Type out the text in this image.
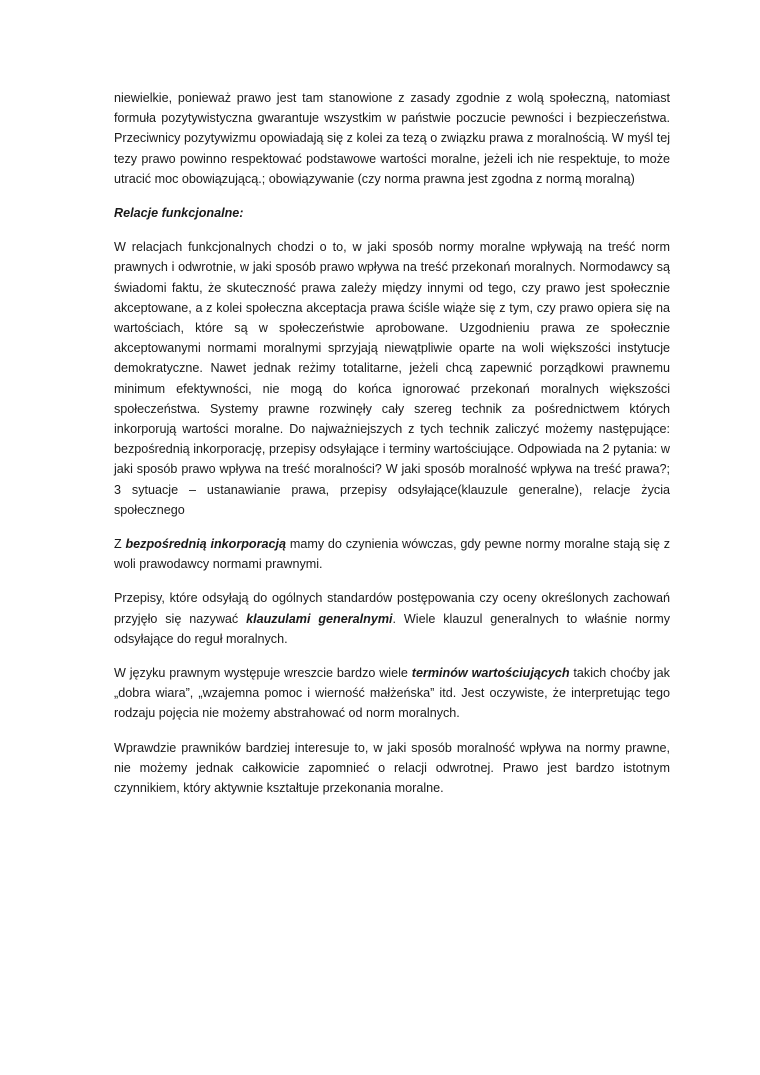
niewielkie, ponieważ prawo jest tam stanowione z zasady zgodnie z wolą społeczną, natomiast formuła pozytywistyczna gwarantuje wszystkim w państwie poczucie pewności i bezpieczeństwa. Przeciwnicy pozytywizmu opowiadają się z kolei za tezą o związku prawa z moralnością. W myśl tej tezy prawo powinno respektować podstawowe wartości moralne, jeżeli ich nie respektuje, to może utracić moc obowiązującą.; obowiązywanie (czy norma prawna jest zgodna z normą moralną)

Relacje funkcjonalne:

W relacjach funkcjonalnych chodzi o to, w jaki sposób normy moralne wpływają na treść norm prawnych i odwrotnie, w jaki sposób prawo wpływa na treść przekonań moralnych. Normodawcy są świadomi faktu, że skuteczność prawa zależy między innymi od tego, czy prawo jest społecznie akceptowane, a z kolei społeczna akceptacja prawa ściśle wiąże się z tym, czy prawo opiera się na wartościach, które są w społeczeństwie aprobowane. Uzgodnieniu prawa ze społecznie akceptowanymi normami moralnymi sprzyjają niewątpliwie oparte na woli większości instytucje demokratyczne. Nawet jednak reżimy totalitarne, jeżeli chcą zapewnić porządkowi prawnemu minimum efektywności, nie mogą do końca ignorować przekonań moralnych większości społeczeństwa. Systemy prawne rozwinęły cały szereg technik za pośrednictwem których inkorporują wartości moralne. Do najważniejszych z tych technik zaliczyć możemy następujące: bezpośrednią inkorporację, przepisy odsyłające i terminy wartościujące. Odpowiada na 2 pytania: w jaki sposób prawo wpływa na treść moralności? W jaki sposób moralność wpływa na treść prawa?; 3 sytuacje – ustanawianie prawa, przepisy odsyłające(klauzule generalne), relacje życia społecznego

Z bezpośrednią inkorporacją mamy do czynienia wówczas, gdy pewne normy moralne stają się z woli prawodawcy normami prawnymi.

Przepisy, które odsyłają do ogólnych standardów postępowania czy oceny określonych zachowań przyjęło się nazywać klauzulami generalnymi. Wiele klauzul generalnych to właśnie normy odsyłające do reguł moralnych.

W języku prawnym występuje wreszcie bardzo wiele terminów wartościujących takich choćby jak „dobra wiara”, „wzajemna pomoc i wierność małżeńska” itd. Jest oczywiste, że interpretując tego rodzaju pojęcia nie możemy abstrahować od norm moralnych.

Wprawdzie prawników bardziej interesuje to, w jaki sposób moralność wpływa na normy prawne, nie możemy jednak całkowicie zapomnieć o relacji odwrotnej. Prawo jest bardzo istotnym czynnikiem, który aktywnie kształtuje przekonania moralne.
